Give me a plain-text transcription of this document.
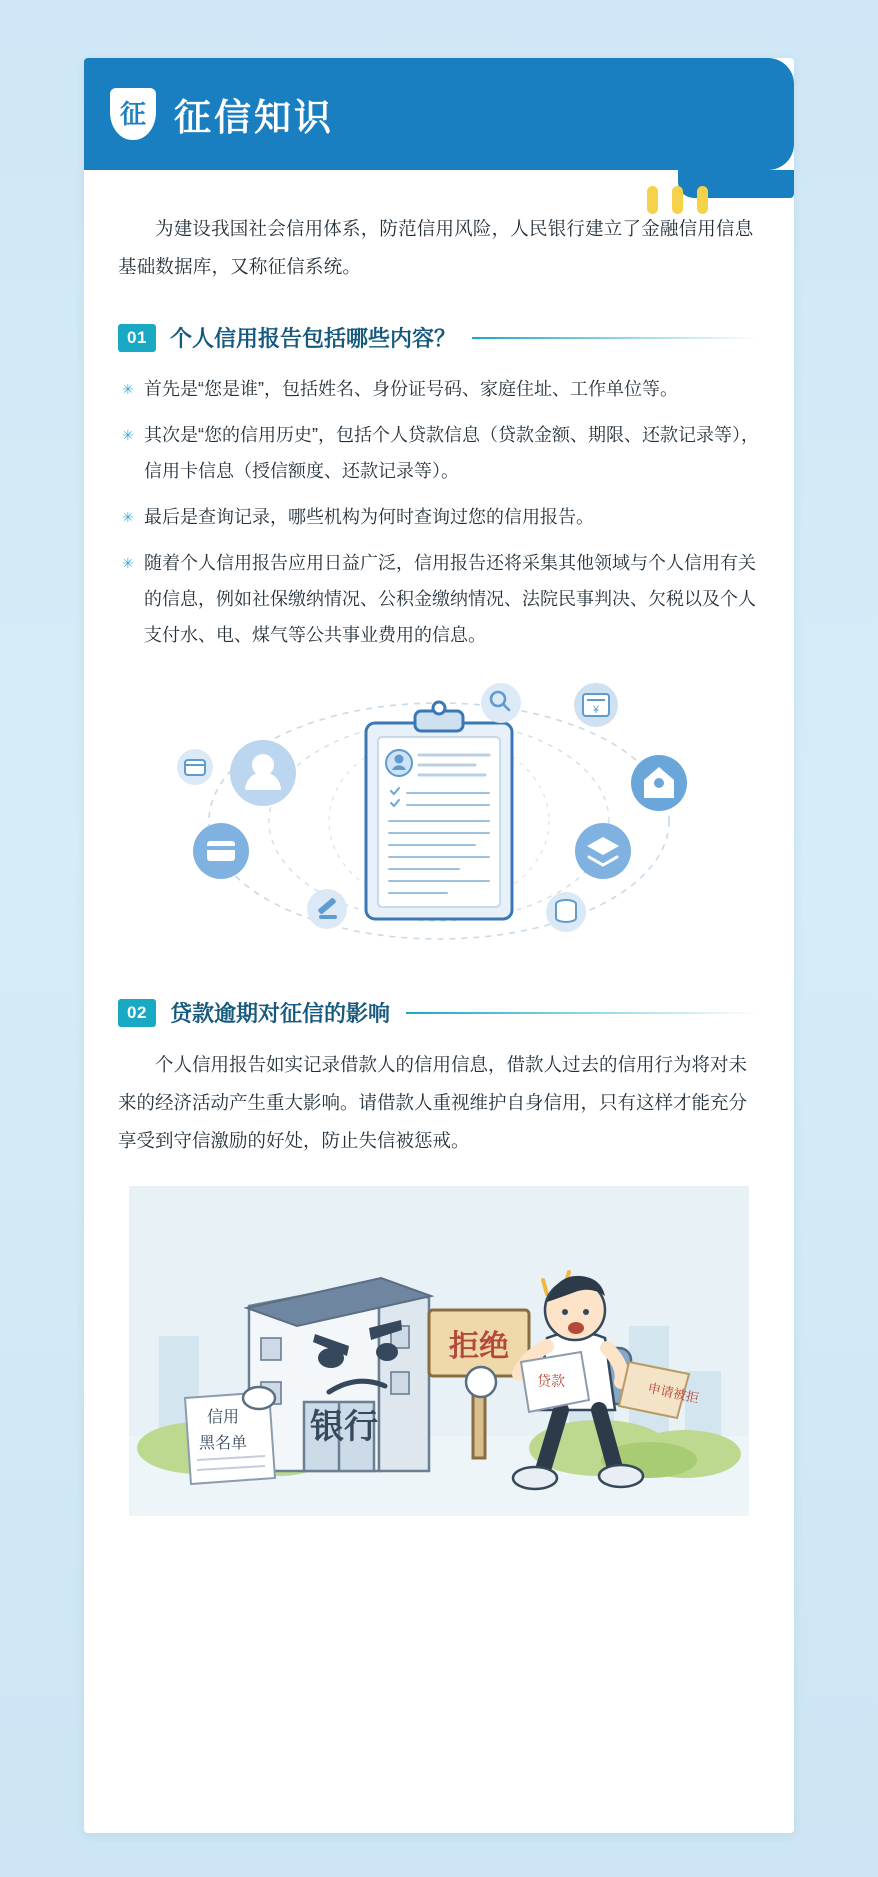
征 征信知识

为建设我国社会信用体系，防范信用风险，人民银行建立了金融信用信息基础数据库，又称征信系统。

01	个人信用报告包括哪些内容？
✳ 首先是“您是谁”，包括姓名、身份证号码、家庭住址、工作单位等。
✳ 其次是“您的信用历史”，包括个人贷款信息（贷款金额、期限、还款记录等），信用卡信息（授信额度、还款记录等）。
✳ 最后是查询记录，哪些机构为何时查询过您的信用报告。
✳ 随着个人信用报告应用日益广泛，信用报告还将采集其他领域与个人信用有关的信息，例如社保缴纳情况、公积金缴纳情况、法院民事判决、欠税以及个人支付水、电、煤气等公共事业费用的信息。
¥
02	贷款逾期对征信的影响

个人信用报告如实记录借款人的信用信息，借款人过去的信用行为将对未来的经济活动产生重大影响。请借款人重视维护自身信用，只有这样才能充分享受到守信激励的好处，防止失信被惩戒。

银行
信用
黑名单
拒绝
贷款	申请被拒
